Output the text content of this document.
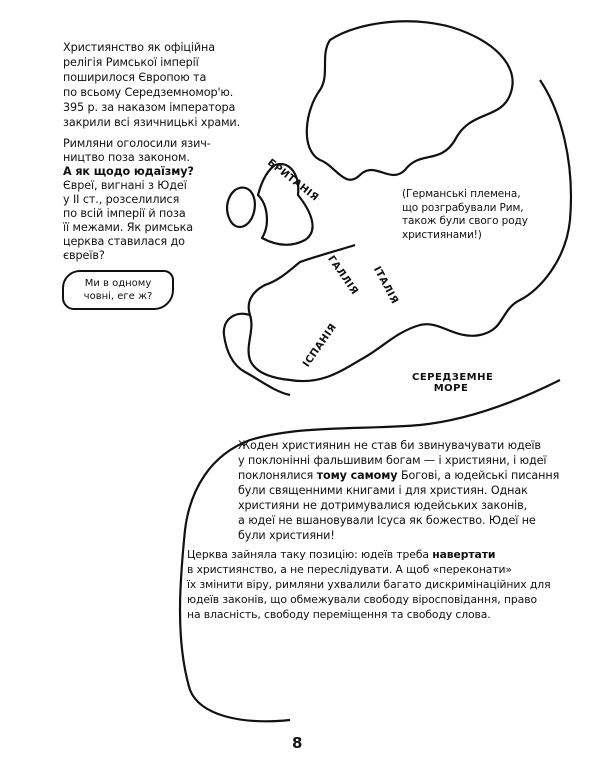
Християнство як офіційна
релігія Римської імперії
поширилося Європою та
по всьому Середземномор'ю.
395 р. за наказом імператора
закрили всі язичницькі храми.
Римляни оголосили язич-
ництво поза законом.
А як щодо юдаїзму?
Євреї, вигнані з Юдеї
у II ст., розселилися
по всій імперії й поза
її межами. Як римська
церква ставилася до
євреїв?
Ми в одному
човні, еге ж?
(Германські племена,
що розграбували Рим,
також були свого роду
християнами!)
БРИТАНІЯ
ГАЛЛІЯ ІТАЛІЯ
ІСПАНІЯ
СЕРЕДЗЕМНЕ
МОРЕ
Жоден християнин не став би звинувачувати юдеїв
у поклонінні фальшивим богам — і християни, і юдеї
поклонялися тому самому Богові, а юдейські писання
були священними книгами і для християн. Однак
християни не дотримувалися юдейських законів,
а юдеї не вшановували Ісуса як божество. Юдеї не
були християни!
Церква зайняла таку позицію: юдеїв треба навертати
в християнство, а не переслідувати. А щоб «переконати»
їх змінити віру, римляни ухвалили багато дискримінаційних для
юдеїв законів, що обмежували свободу віросповідання, право
на власність, свободу переміщення та свободу слова.
8
